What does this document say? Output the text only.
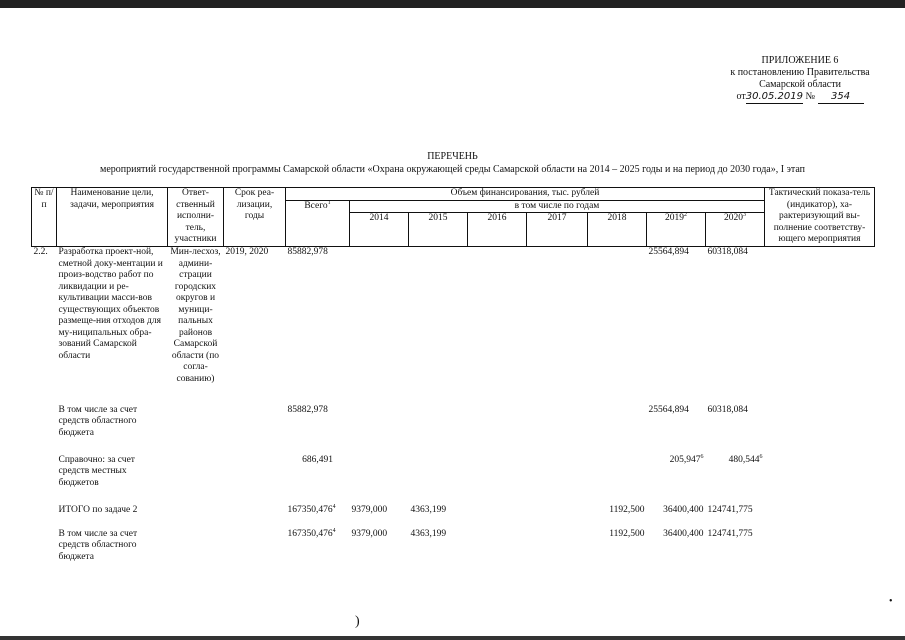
ПРИЛОЖЕНИЕ 6
к постановлению Правительства
Самарской области
от30.05.2019 № 354
ПЕРЕЧЕНЬ
мероприятий государственной программы Самарской области «Охрана окружающей среды Самарской области на 2014 – 2025 годы и на период до 2030 года», I этап
№ п/п	Наименование цели, задачи, мероприятия	Ответ-ственный исполни-тель, участники	Срок реа-лизации, годы	Объем финансирования, тыс. рублей								Тактический показа-тель (индикатор), ха-рактеризующий вы-полнение соответству-ющего мероприятия
				Всего$^1$	в том числе по годам							
					2014	2015	2016	2017	2018	2019$^2$	2020$^3$
2.2.	Разработка проект-ной, сметной доку-ментации и произ-водство работ по ликвидации и ре-культивации масси-вов существующих объектов размеще-ния отходов для му-ниципальных обра-зований Самарской области	Мин-лесхоз, админи-страции городских округов и муници-пальных районов Самарской области (по согла-сованию)	2019, 2020	85882,978						25564,894	60318,084	
	В том числе за счет средств областного бюджета			85882,978						25564,894	60318,084	
	Справочно: за счет средств местных бюджетов			686,491						205,947$^6$	480,544$^6$	
	ИТОГО по задаче 2			167350,476$^4$	9379,000	4363,199			1192,500	36400,400	124741,775	
	В том числе за счет средств областного бюджета			167350,476$^4$	9379,000	4363,199			1192,500	36400,400	124741,775	
)
•
